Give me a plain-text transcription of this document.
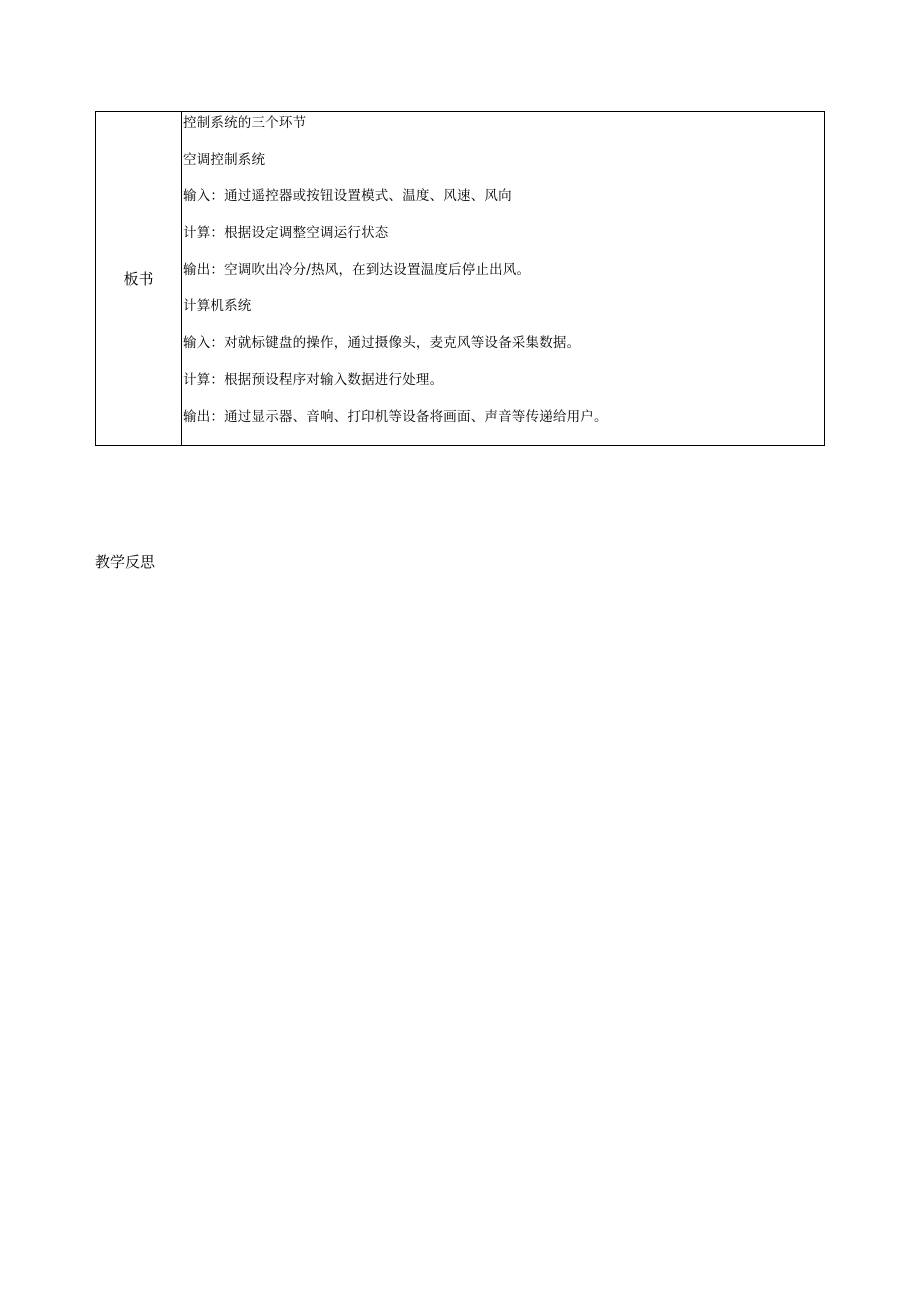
板书	
控制系统的三个环节
空调控制系统
输入：通过遥控器或按钮设置模式、温度、风速、风向
计算：根据设定调整空调运行状态
输出：空调吹出冷分/热风，在到达设置温度后停止出风。
计算机系统
输入：对就标键盘的操作，通过摄像头，麦克风等设备采集数据。
计算：根据预设程序对输入数据进行处理。
输出：通过显示器、音响、打印机等设备将画面、声音等传递给用户。
教学反思
